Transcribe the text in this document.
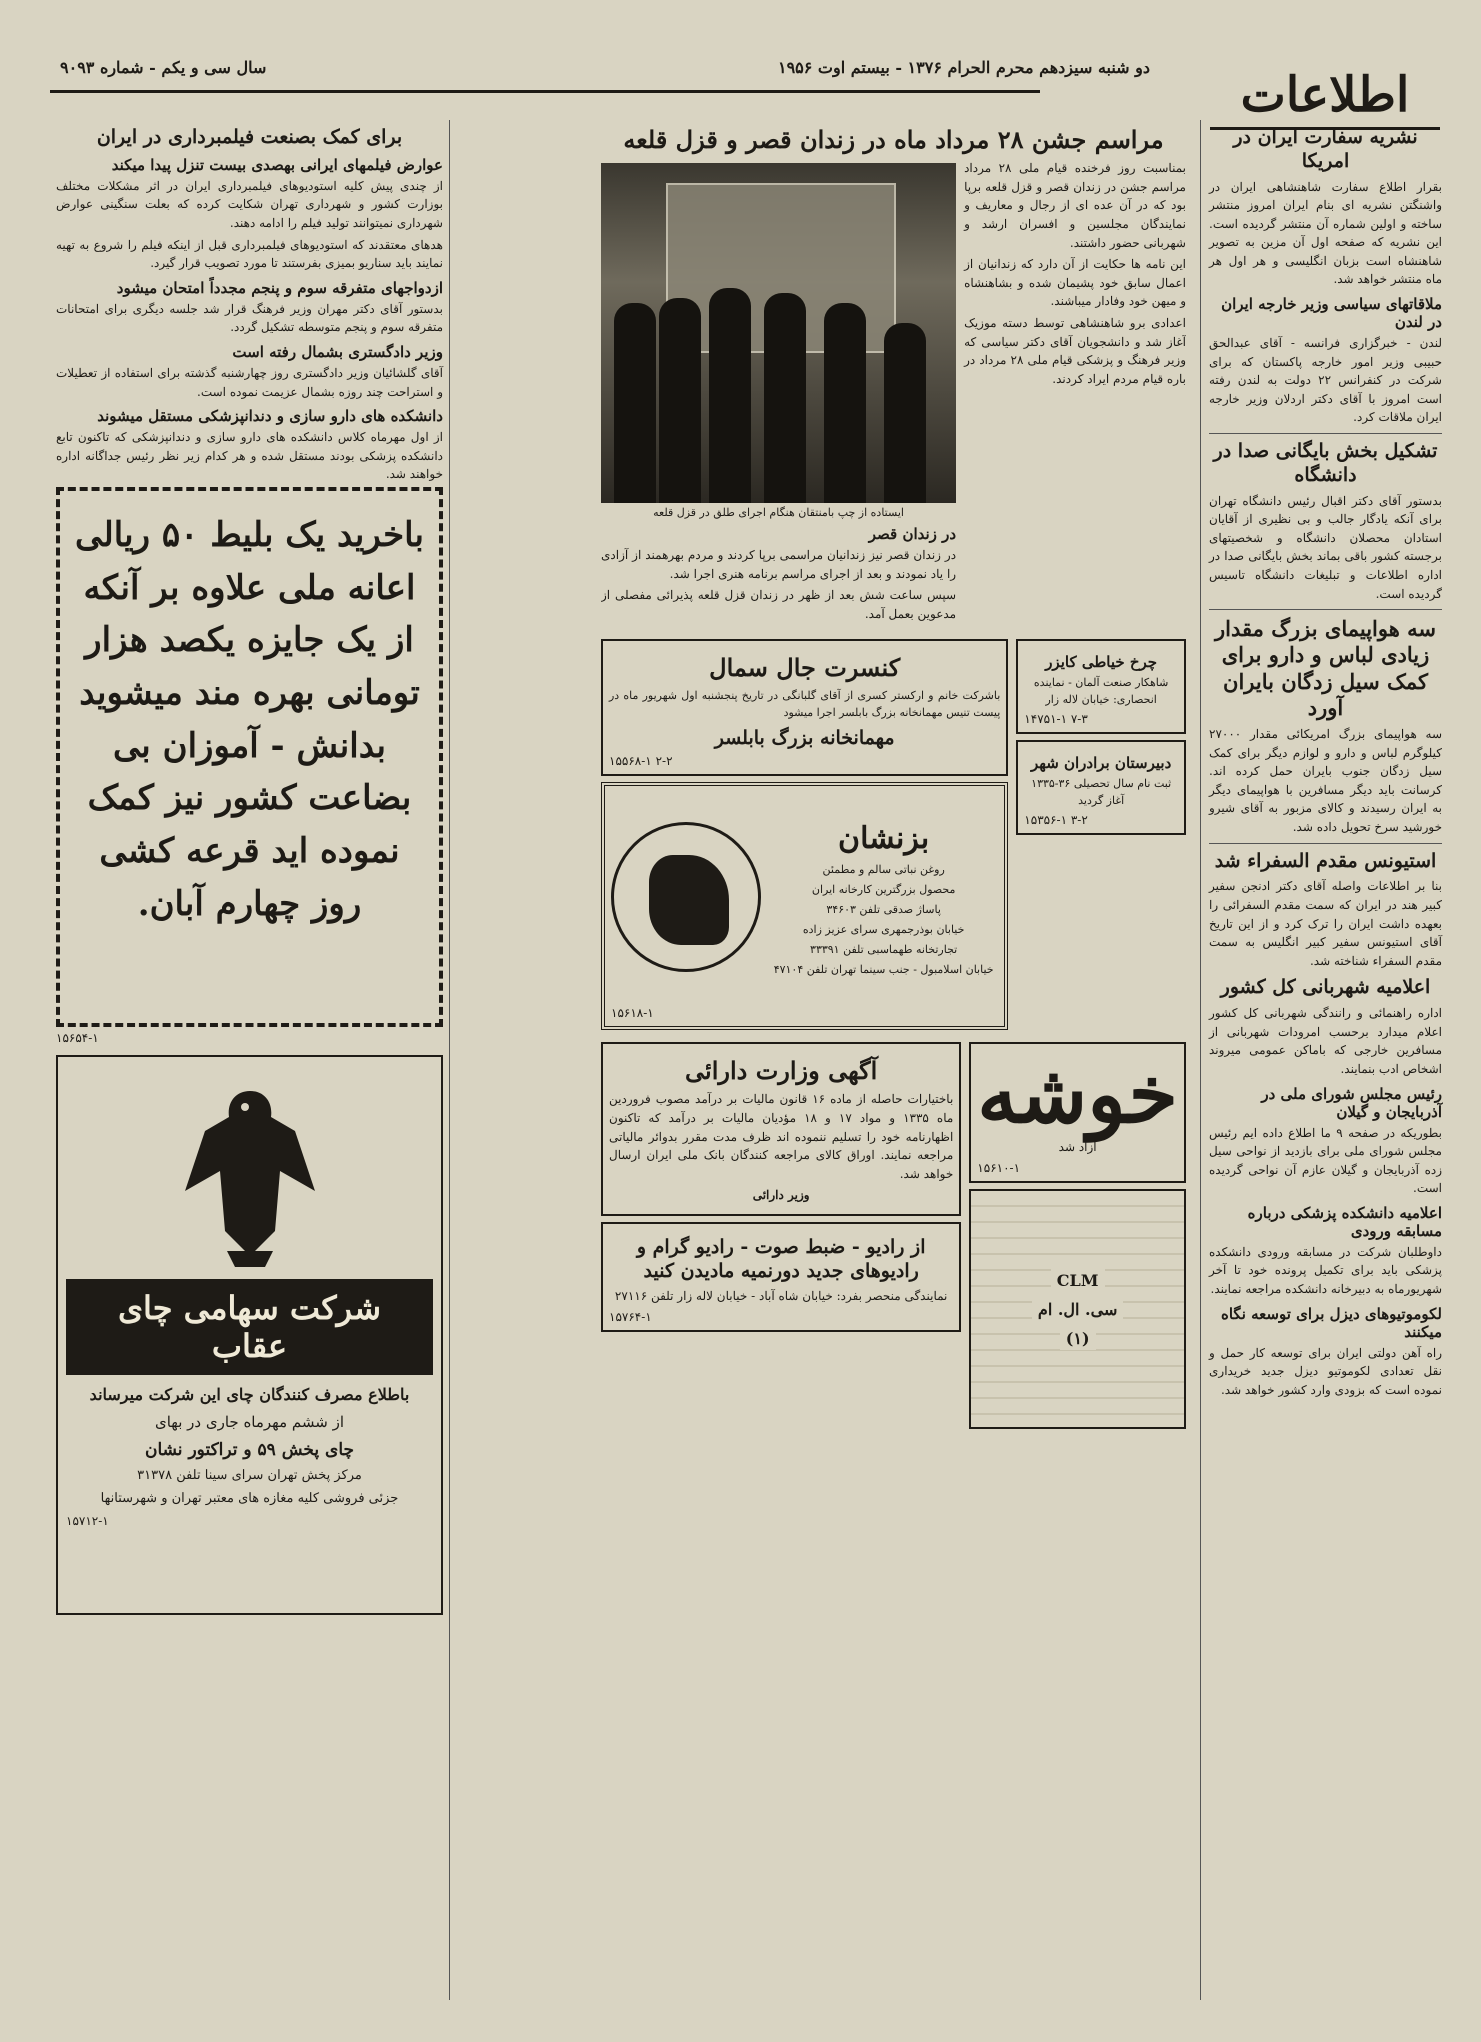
اطلاعات
دو شنبه سیزدهم محرم الحرام ۱۳۷۶ - بیستم اوت ۱۹۵۶
سال سی و یکم - شماره ۹۰۹۳
نشریه سفارت ایران در امریکا

بقرار اطلاع سفارت شاهنشاهی ایران در واشنگتن نشریه ای بنام ایران امروز منتشر ساخته و اولین شماره آن منتشر گردیده است. این نشریه که صفحه اول آن مزین به تصویر شاهنشاه است بزبان انگلیسی و هر اول هر ماه منتشر خواهد شد.

ملاقاتهای سیاسی وزیر خارجه ایران در لندن

لندن - خبرگزاری فرانسه - آقای عبدالحق حبیبی وزیر امور خارجه پاکستان که برای شرکت در کنفرانس ۲۲ دولت به لندن رفته است امروز با آقای دکتر اردلان وزیر خارجه ایران ملاقات کرد.

تشکیل بخش بایگانی صدا در دانشگاه

بدستور آقای دکتر اقبال رئیس دانشگاه تهران برای آنکه یادگار جالب و بی نظیری از آقایان استادان محصلان دانشگاه و شخصیتهای برجسته کشور باقی بماند بخش بایگانی صدا در اداره اطلاعات و تبلیغات دانشگاه تاسیس گردیده است.

سه هواپیمای بزرگ مقدار زیادی لباس و دارو برای کمک سیل زدگان بایران آورد

سه هواپیمای بزرگ امریکائی مقدار ۲۷۰۰۰ کیلوگرم لباس و دارو و لوازم دیگر برای کمک سیل زدگان جنوب بایران حمل کرده اند. کرسانت باید دیگر مسافرین با هواپیمای دیگر به ایران رسیدند و کالای مزبور به آقای شیرو خورشید سرخ تحویل داده شد.

استیونس مقدم السفراء شد

بنا بر اطلاعات واصله آقای دکتر ادنجن سفیر کبیر هند در ایران که سمت مقدم السفرائی را بعهده داشت ایران را ترک کرد و از این تاریخ آقای استیونس سفیر کبیر انگلیس به سمت مقدم السفراء شناخته شد.

اعلامیه شهربانی کل کشور

اداره راهنمائی و رانندگی شهربانی کل کشور اعلام میدارد برحسب امرودات شهربانی از مسافرین خارجی که باماکن عمومی میروند اشخاص ادب بنمایند.

رئیس مجلس شورای ملی در آذربایجان و گیلان

بطوریکه در صفحه ۹ ما اطلاع داده ایم رئیس مجلس شورای ملی برای بازدید از نواحی سیل زده آذربایجان و گیلان عازم آن نواحی گردیده است.

اعلامیه دانشکده پزشکی درباره مسابقه ورودی

داوطلبان شرکت در مسابقه ورودی دانشکده پزشکی باید برای تکمیل پرونده خود تا آخر شهریورماه به دبیرخانه دانشکده مراجعه نمایند.

لکوموتیوهای دیزل برای توسعه نگاه میکنند

راه آهن دولتی ایران برای توسعه کار حمل و نقل تعدادی لکوموتیو دیزل جدید خریداری نموده است که بزودی وارد کشور خواهد شد.

مراسم جشن ۲۸ مرداد ماه در زندان قصر و قزل قلعه

بمناسبت روز فرخنده قیام ملی ۲۸ مرداد مراسم جشن در زندان قصر و قزل قلعه برپا بود که در آن عده ای از رجال و معاریف و نمایندگان مجلسین و افسران ارشد و شهربانی حضور داشتند.

این نامه ها حکایت از آن دارد که زندانیان از اعمال سابق خود پشیمان شده و بشاهنشاه و میهن خود وفادار میباشند.

اعدادی برو شاهنشاهی توسط دسته موزیک آغاز شد و دانشجویان آقای دکتر سیاسی که وزیر فرهنگ و پزشکی قیام ملی ۲۸ مرداد در باره قیام مردم ایراد کردند.

ایستاده از چپ بامنتقان هنگام اجرای طلق در قزل قلعه
در زندان قصر

در زندان قصر نیز زندانیان مراسمی برپا کردند و مردم بهرهمند از آزادی را یاد نمودند و بعد از اجرای مراسم برنامه هنری اجرا شد.

سپس ساعت شش بعد از ظهر در زندان قزل قلعه پذیرائی مفصلی از مدعوین بعمل آمد.

چرخ خیاطی کایزر

شاهکار صنعت آلمان - نماینده انحصاری: خیابان لاله زار

۷-۳ ۱۴۷۵۱-۱
دبیرستان برادران شهر

ثبت نام سال تحصیلی ۳۶-۱۳۳۵ آغاز گردید

۳-۲ ۱۵۳۵۶-۱
کنسرت جال سمال

باشرکت خانم و ارکستر کسری از آقای گلبانگی در تاریخ پنجشنبه اول شهریور ماه در پیست تنیس مهمانخانه بزرگ بابلسر اجرا میشود

مهمانخانه بزرگ بابلسر
۲-۲ ۱۵۵۶۸-۱
بزنشان

روغن نباتی سالم و مطمئن

محصول بزرگترین کارخانه ایران

پاساژ صدقی تلفن ۳۴۶۰۳

خیابان بوذرجمهری سرای عزیز زاده

تجارتخانه طهماسبی تلفن ۳۳۳۹۱

خیابان اسلامبول - جنب سینما تهران تلفن ۴۷۱۰۴

۱۵۶۱۸-۱
خوشه

آزاد شد

۱۵۶۱۰-۱
CLM
سی. ال. ام
(۱)
آگهی وزارت دارائی

باختیارات حاصله از ماده ۱۶ قانون مالیات بر درآمد مصوب فروردین ماه ۱۳۳۵ و مواد ۱۷ و ۱۸ مؤدیان مالیات بر درآمد که تاکنون اظهارنامه خود را تسلیم ننموده اند ظرف مدت مقرر بدوائر مالیاتی مراجعه نمایند. اوراق کالای مراجعه کنندگان بانک ملی ایران ارسال خواهد شد.

وزیر دارائی

از رادیو - ضبط صوت - رادیو گرام و رادیوهای جدید دورنمیه مادیدن کنید

نمایندگی منحصر بفرد: خیابان شاه آباد - خیابان لاله زار تلفن ۲۷۱۱۶

۱۵۷۶۴-۱
برای کمک بصنعت فیلمبرداری در ایران
عوارض فیلمهای ایرانی بهصدی بیست تنزل پیدا میکند

از چندی پیش کلیه استودیوهای فیلمبرداری ایران در اثر مشکلات مختلف بوزارت کشور و شهرداری تهران شکایت کرده که بعلت سنگینی عوارض شهرداری نمیتوانند تولید فیلم را ادامه دهند.

هدهای معتقدند که استودیوهای فیلمبرداری قبل از اینکه فیلم را شروع به تهیه نمایند باید سناریو بمیزی بفرستند تا مورد تصویب قرار گیرد.

ازدواجهای متفرقه سوم و پنجم مجدداً امتحان میشود

بدستور آقای دکتر مهران وزیر فرهنگ قرار شد جلسه دیگری برای امتحانات متفرقه سوم و پنجم متوسطه تشکیل گردد.

وزیر دادگستری بشمال رفته است

آقای گلشائیان وزیر دادگستری روز چهارشنبه گذشته برای استفاده از تعطیلات و استراحت چند روزه بشمال عزیمت نموده است.

دانشکده های دارو سازی و دندانپزشکی مستقل میشوند

از اول مهرماه کلاس دانشکده های دارو سازی و دندانپزشکی که تاکنون تابع دانشکده پزشکی بودند مستقل شده و هر کدام زیر نظر رئیس جداگانه اداره خواهند شد.

باخرید یک بلیط ۵۰ ریالی اعانه ملی علاوه بر آنکه از یک جایزه یکصد هزار تومانی بهره مند میشوید بدانش - آموزان بی بضاعت کشور نیز کمک نموده اید قرعه کشی روز چهارم آبان.
۱۵۶۵۴-۱
شرکت سهامی چای عقاب

باطلاع مصرف کنندگان چای این شرکت میرساند

از ششم مهرماه جاری در بهای

چای پخش ۵۹ و تراکتور نشان

مرکز پخش تهران سرای سینا تلفن ۳۱۳۷۸

جزئی فروشی کلیه مغازه های معتبر تهران و شهرستانها

۱۵۷۱۲-۱
